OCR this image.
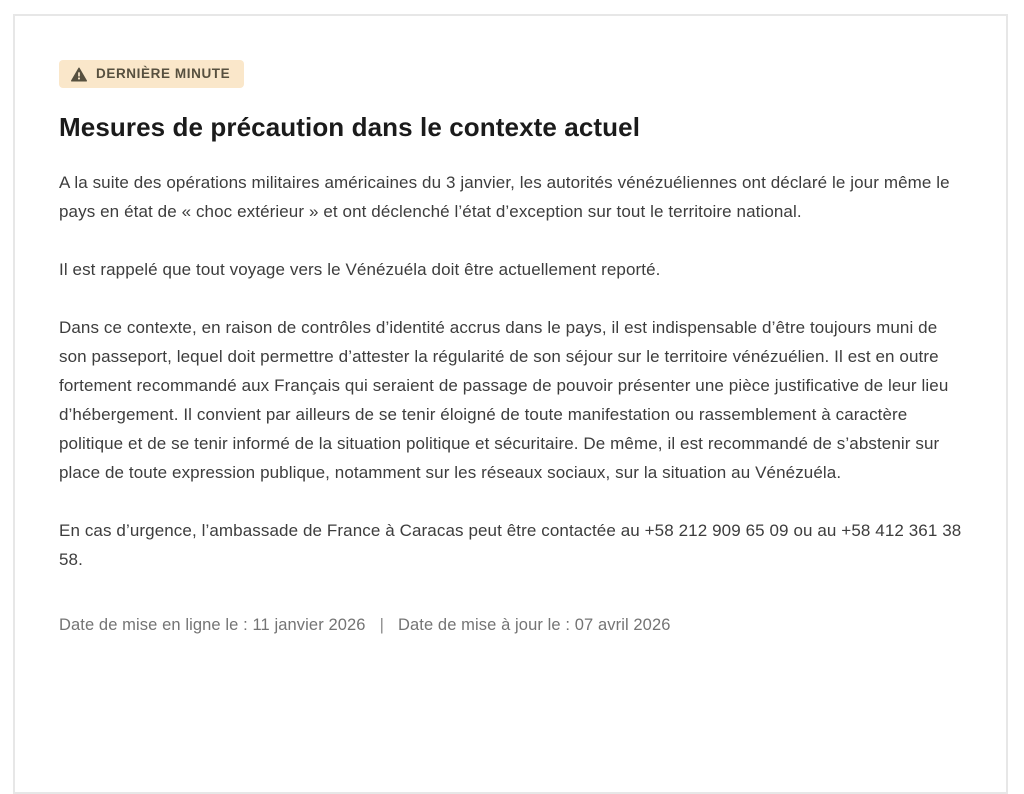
DERNIÈRE MINUTE
Mesures de précaution dans le contexte actuel

A la suite des opérations militaires américaines du 3 janvier, les autorités vénézuéliennes ont déclaré le jour même le pays en état de « choc extérieur » et ont déclenché l’état d’exception sur tout le territoire national.

Il est rappelé que tout voyage vers le Vénézuéla doit être actuellement reporté.

Dans ce contexte, en raison de contrôles d’identité accrus dans le pays, il est indispensable d’être toujours muni de son passeport, lequel doit permettre d’attester la régularité de son séjour sur le territoire vénézuélien. Il est en outre fortement recommandé aux Français qui seraient de passage de pouvoir présenter une pièce justificative de leur lieu d’hébergement. Il convient par ailleurs de se tenir éloigné de toute manifestation ou rassemblement à caractère politique et de se tenir informé de la situation politique et sécuritaire. De même, il est recommandé de s’abstenir sur place de toute expression publique, notamment sur les réseaux sociaux, sur la situation au Vénézuéla.

En cas d’urgence, l’ambassade de France à Caracas peut être contactée au +58 212 909 65 09 ou au +58 412 361 38 58.

Date de mise en ligne le : 11 janvier 2026 | Date de mise à jour le : 07 avril 2026
